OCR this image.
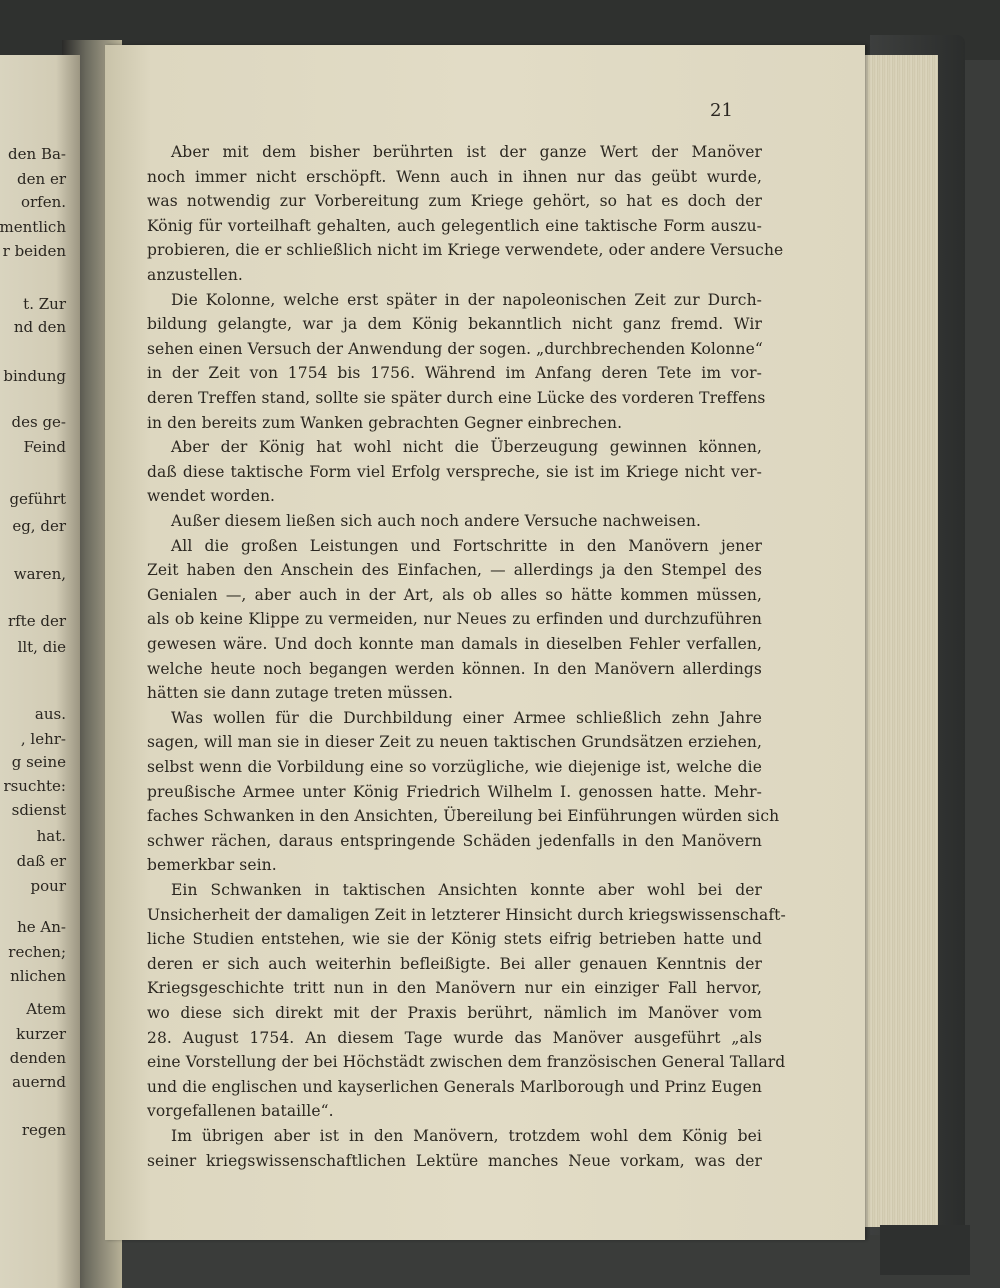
den Ba-
den er
orfen.
mentlich
r beiden
t. Zur
nd den
bindung
des ge-
Feind
geführt
eg, der
waren,
rfte der
llt, die
aus.
, lehr-
g seine
rsuchte:
sdienst
hat.
daß er
pour
he An-
rechen;
nlichen
Atem
kurzer
denden
auernd
regen
21
Aber mit dem bisher berührten ist der ganze Wert der Manöver
noch immer nicht erschöpft. Wenn auch in ihnen nur das geübt wurde,
was notwendig zur Vorbereitung zum Kriege gehört, so hat es doch der
König für vorteilhaft gehalten, auch gelegentlich eine taktische Form auszu-
probieren, die er schließlich nicht im Kriege verwendete, oder andere Versuche
anzustellen.
Die Kolonne, welche erst später in der napoleonischen Zeit zur Durch-
bildung gelangte, war ja dem König bekanntlich nicht ganz fremd. Wir
sehen einen Versuch der Anwendung der sogen. „durchbrechenden Kolonne“
in der Zeit von 1754 bis 1756. Während im Anfang deren Tete im vor-
deren Treffen stand, sollte sie später durch eine Lücke des vorderen Treffens
in den bereits zum Wanken gebrachten Gegner einbrechen.
Aber der König hat wohl nicht die Überzeugung gewinnen können,
daß diese taktische Form viel Erfolg verspreche, sie ist im Kriege nicht ver-
wendet worden.
Außer diesem ließen sich auch noch andere Versuche nachweisen.
All die großen Leistungen und Fortschritte in den Manövern jener
Zeit haben den Anschein des Einfachen, — allerdings ja den Stempel des
Genialen —, aber auch in der Art, als ob alles so hätte kommen müssen,
als ob keine Klippe zu vermeiden, nur Neues zu erfinden und durchzuführen
gewesen wäre. Und doch konnte man damals in dieselben Fehler verfallen,
welche heute noch begangen werden können. In den Manövern allerdings
hätten sie dann zutage treten müssen.
Was wollen für die Durchbildung einer Armee schließlich zehn Jahre
sagen, will man sie in dieser Zeit zu neuen taktischen Grundsätzen erziehen,
selbst wenn die Vorbildung eine so vorzügliche, wie diejenige ist, welche die
preußische Armee unter König Friedrich Wilhelm I. genossen hatte. Mehr-
faches Schwanken in den Ansichten, Übereilung bei Einführungen würden sich
schwer rächen, daraus entspringende Schäden jedenfalls in den Manövern
bemerkbar sein.
Ein Schwanken in taktischen Ansichten konnte aber wohl bei der
Unsicherheit der damaligen Zeit in letzterer Hinsicht durch kriegswissenschaft-
liche Studien entstehen, wie sie der König stets eifrig betrieben hatte und
deren er sich auch weiterhin befleißigte. Bei aller genauen Kenntnis der
Kriegsgeschichte tritt nun in den Manövern nur ein einziger Fall hervor,
wo diese sich direkt mit der Praxis berührt, nämlich im Manöver vom
28. August 1754. An diesem Tage wurde das Manöver ausgeführt „als
eine Vorstellung der bei Höchstädt zwischen dem französischen General Tallard
und die englischen und kayserlichen Generals Marlborough und Prinz Eugen
vorgefallenen bataille“.
Im übrigen aber ist in den Manövern, trotzdem wohl dem König bei
seiner kriegswissenschaftlichen Lektüre manches Neue vorkam, was der
